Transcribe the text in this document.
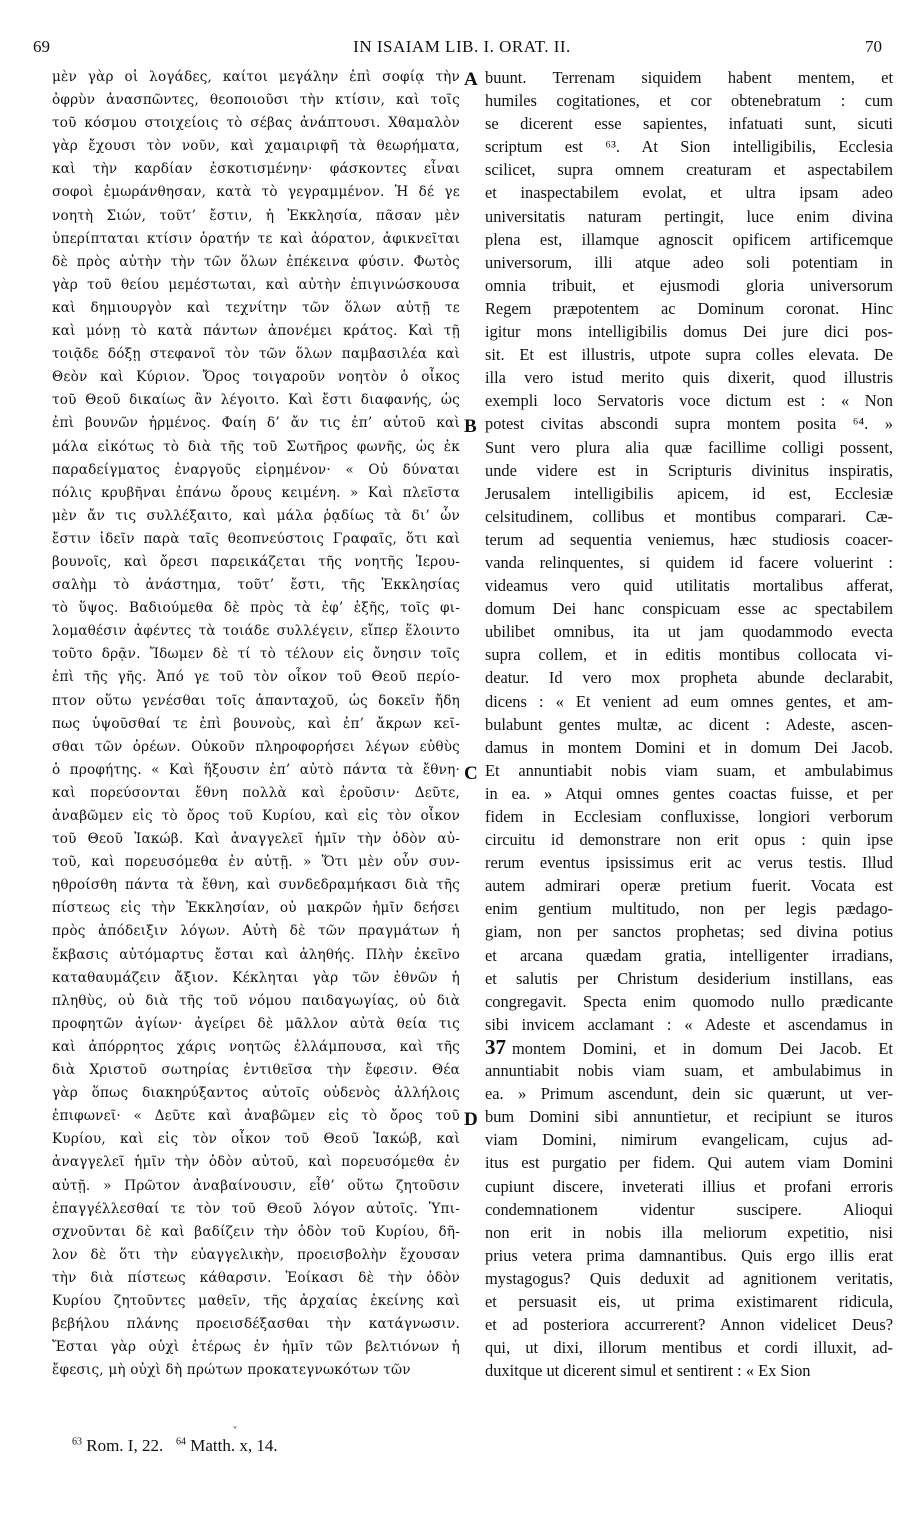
69	IN ISAIAM LIB. I. ORAT. II.	70
μὲν γὰρ οἱ λογάδες, καίτοι μεγάλην ἐπὶ σοφίᾳ τὴν
ὀφρὺν ἀνασπῶντες, θεοποιοῦσι τὴν κτίσιν, καὶ τοῖς
τοῦ κόσμου στοιχείοις τὸ σέβας ἀνάπτουσι. Χθαμαλὸν
γὰρ ἔχουσι τὸν νοῦν, καὶ χαμαιριφῆ τὰ θεωρήματα,
καὶ τὴν καρδίαν ἐσκοτισμένην· φάσκοντες εἶναι
σοφοὶ ἐμωράνθησαν, κατὰ τὸ γεγραμμένον. Ἡ δέ γε
νοητὴ Σιών, τοῦτ’ ἔστιν, ἡ Ἐκκλησία, πᾶσαν μὲν
ὑπερίπταται κτίσιν ὁρατήν τε καὶ ἀόρατον, ἀφικνεῖται
δὲ πρὸς αὐτὴν τὴν τῶν ὅλων ἐπέκεινα φύσιν. Φωτὸς
γὰρ τοῦ θείου μεμέστωται, καὶ αὐτὴν ἐπιγινώσκουσα
καὶ δημιουργὸν καὶ τεχνίτην τῶν ὅλων αὐτῇ τε
καὶ μόνῃ τὸ κατὰ πάντων ἀπονέμει κράτος. Καὶ τῇ
τοιᾷδε δόξῃ στεφανοῖ τὸν τῶν ὅλων παμβασιλέα καὶ
Θεὸν καὶ Κύριον. Ὄρος τοιγαροῦν νοητὸν ὁ οἶκος
τοῦ Θεοῦ δικαίως ἂν λέγοιτο. Καὶ ἔστι διαφανής, ὡς
ἐπὶ βουνῶν ἠρμένος. Φαίη δ’ ἄν τις ἐπ’ αὐτοῦ καὶ
μάλα εἰκότως τὸ διὰ τῆς τοῦ Σωτῆρος φωνῆς, ὡς ἐκ
παραδείγματος ἐναργοῦς εἰρημένον· « Οὐ δύναται
πόλις κρυβῆναι ἐπάνω ὄρους κειμένη. » Καὶ πλεῖστα
μὲν ἄν τις συλλέξαιτο, καὶ μάλα ῥᾳδίως τὰ δι’ ὧν
ἔστιν ἰδεῖν παρὰ ταῖς θεοπνεύστοις Γραφαῖς, ὅτι καὶ
βουνοῖς, καὶ ὄρεσι παρεικάζεται τῆς νοητῆς Ἱερου-
σαλὴμ τὸ ἀνάστημα, τοῦτ’ ἔστι, τῆς Ἐκκλησίας
τὸ ὕψος. Βαδιούμεθα δὲ πρὸς τὰ ἐφ’ ἑξῆς, τοῖς φι-
λομαθέσιν ἀφέντες τὰ τοιάδε συλλέγειν, εἴπερ ἕλοιντο
τοῦτο δρᾷν. Ἴδωμεν δὲ τί τὸ τέλουν εἰς ὄνησιν τοῖς
ἐπὶ τῆς γῆς. Ἀπό γε τοῦ τὸν οἶκον τοῦ Θεοῦ περίο-
πτον οὕτω γενέσθαι τοῖς ἁπανταχοῦ, ὡς δοκεῖν ἤδη
πως ὑψοῦσθαί τε ἐπὶ βουνοὺς, καὶ ἐπ’ ἄκρων κεῖ-
σθαι τῶν ὀρέων. Οὐκοῦν πληροφορήσει λέγων εὐθὺς
ὁ προφήτης. « Καὶ ἥξουσιν ἐπ’ αὐτὸ πάντα τὰ ἔθνη·
καὶ πορεύσονται ἔθνη πολλὰ καὶ ἐροῦσιν· Δεῦτε,
ἀναβῶμεν εἰς τὸ ὄρος τοῦ Κυρίου, καὶ εἰς τὸν οἶκον
τοῦ Θεοῦ Ἰακώβ. Καὶ ἀναγγελεῖ ἡμῖν τὴν ὁδὸν αὐ-
τοῦ, καὶ πορευσόμεθα ἐν αὐτῇ. » Ὅτι μὲν οὖν συν-
ηθροίσθη πάντα τὰ ἔθνη, καὶ συνδεδραμήκασι διὰ τῆς
πίστεως εἰς τὴν Ἐκκλησίαν, οὐ μακρῶν ἡμῖν δεήσει
πρὸς ἀπόδειξιν λόγων. Αὐτὴ δὲ τῶν πραγμάτων ἡ
ἔκβασις αὐτόμαρτυς ἔσται καὶ ἀληθής. Πλὴν ἐκεῖνο
καταθαυμάζειν ἄξιον. Κέκληται γὰρ τῶν ἐθνῶν ἡ
πληθὺς, οὐ διὰ τῆς τοῦ νόμου παιδαγωγίας, οὐ διὰ
προφητῶν ἁγίων· ἀγείρει δὲ μᾶλλον αὐτὰ θεία τις
καὶ ἀπόρρητος χάρις νοητῶς ἐλλάμπουσα, καὶ τῆς
διὰ Χριστοῦ σωτηρίας ἐντιθεῖσα τὴν ἔφεσιν. Θέα
γὰρ ὅπως διακηρύξαντος αὐτοῖς οὐδενὸς ἀλλήλοις
ἐπιφωνεῖ· « Δεῦτε καὶ ἀναβῶμεν εἰς τὸ ὄρος τοῦ
Κυρίου, καὶ εἰς τὸν οἶκον τοῦ Θεοῦ Ἰακώβ, καὶ
ἀναγγελεῖ ἡμῖν τὴν ὁδὸν αὐτοῦ, καὶ πορευσόμεθα ἐν
αὐτῇ. » Πρῶτον ἀναβαίνουσιν, εἶθ’ οὕτω ζητοῦσιν
ἐπαγγέλλεσθαί τε τὸν τοῦ Θεοῦ λόγον αὐτοῖς. Ὑπι-
σχνοῦνται δὲ καὶ βαδίζειν τὴν ὁδὸν τοῦ Κυρίου, δῆ-
λον δὲ ὅτι τὴν εὐαγγελικὴν, προεισβολὴν ἔχουσαν
τὴν διὰ πίστεως κάθαρσιν. Ἐοίκασι δὲ τὴν ὁδὸν
Κυρίου ζητοῦντες μαθεῖν, τῆς ἀρχαίας ἐκείνης καὶ
βεβήλου πλάνης προεισδέξασθαι τὴν κατάγνωσιν.
Ἔσται γὰρ οὐχὶ ἑτέρως ἐν ἡμῖν τῶν βελτιόνων ἡ
ἔφεσις, μὴ οὐχὶ δὴ πρώτων προκατεγνωκότων τῶν
buunt. Terrenam siquidem habent mentem, et
humiles cogitationes, et cor obtenebratum : cum
se dicerent esse sapientes, infatuati sunt, sicuti
scriptum est ⁶³. At Sion intelligibilis, Ecclesia
scilicet, supra omnem creaturam et aspectabilem
et inaspectabilem evolat, et ultra ipsam adeo
universitatis naturam pertingit, luce enim divina
plena est, illamque agnoscit opificem artificemque
universorum, illi atque adeo soli potentiam in
omnia tribuit, et ejusmodi gloria universorum
Regem præpotentem ac Dominum coronat. Hinc
igitur mons intelligibilis domus Dei jure dici pos-
sit. Et est illustris, utpote supra colles elevata. De
illa vero istud merito quis dixerit, quod illustris
exempli loco Servatoris voce dictum est : « Non
potest civitas abscondi supra montem posita ⁶⁴. »
Sunt vero plura alia quæ facillime colligi possent,
unde videre est in Scripturis divinitus inspiratis,
Jerusalem intelligibilis apicem, id est, Ecclesiæ
celsitudinem, collibus et montibus comparari. Cæ-
terum ad sequentia veniemus, hæc studiosis coacer-
vanda relinquentes, si quidem id facere voluerint :
videamus vero quid utilitatis mortalibus afferat,
domum Dei hanc conspicuam esse ac spectabilem
ubilibet omnibus, ita ut jam quodammodo evecta
supra collem, et in editis montibus collocata vi-
deatur. Id vero mox propheta abunde declarabit,
dicens : « Et venient ad eum omnes gentes, et am-
bulabunt gentes multæ, ac dicent : Adeste, ascen-
damus in montem Domini et in domum Dei Jacob.
Et annuntiabit nobis viam suam, et ambulabimus
in ea. » Atqui omnes gentes coactas fuisse, et per
fidem in Ecclesiam confluxisse, longiori verborum
circuitu id demonstrare non erit opus : quin ipse
rerum eventus ipsissimus erit ac verus testis. Illud
autem admirari operæ pretium fuerit. Vocata est
enim gentium multitudo, non per legis pædago-
giam, non per sanctos prophetas; sed divina potius
et arcana quædam gratia, intelligenter irradians,
et salutis per Christum desiderium instillans, eas
congregavit. Specta enim quomodo nullo prædicante
sibi invicem acclamant : « Adeste et ascendamus in
37 montem Domini, et in domum Dei Jacob. Et
annuntiabit nobis viam suam, et ambulabimus in
ea. » Primum ascendunt, dein sic quærunt, ut ver-
bum Domini sibi annuntietur, et recipiunt se ituros
viam Domini, nimirum evangelicam, cujus ad-
itus est purgatio per fidem. Qui autem viam Domini
cupiunt discere, inveterati illius et profani erroris
condemnationem videntur suscipere. Alioqui
non erit in nobis illa meliorum expetitio, nisi
prius vetera prima damnantibus. Quis ergo illis erat
mystagogus? Quis deduxit ad agnitionem veritatis,
et persuasit eis, ut prima existimarent ridicula,
et ad posteriora accurrerent? Annon videlicet Deus?
qui, ut dixi, illorum mentibus et cordi illuxit, ad-
duxitque ut dicerent simul et sentirent : « Ex Sion
A
B
C
D
ˇ
$^{63}$ Rom. I, 22. $^{64}$ Matth. x, 14.
